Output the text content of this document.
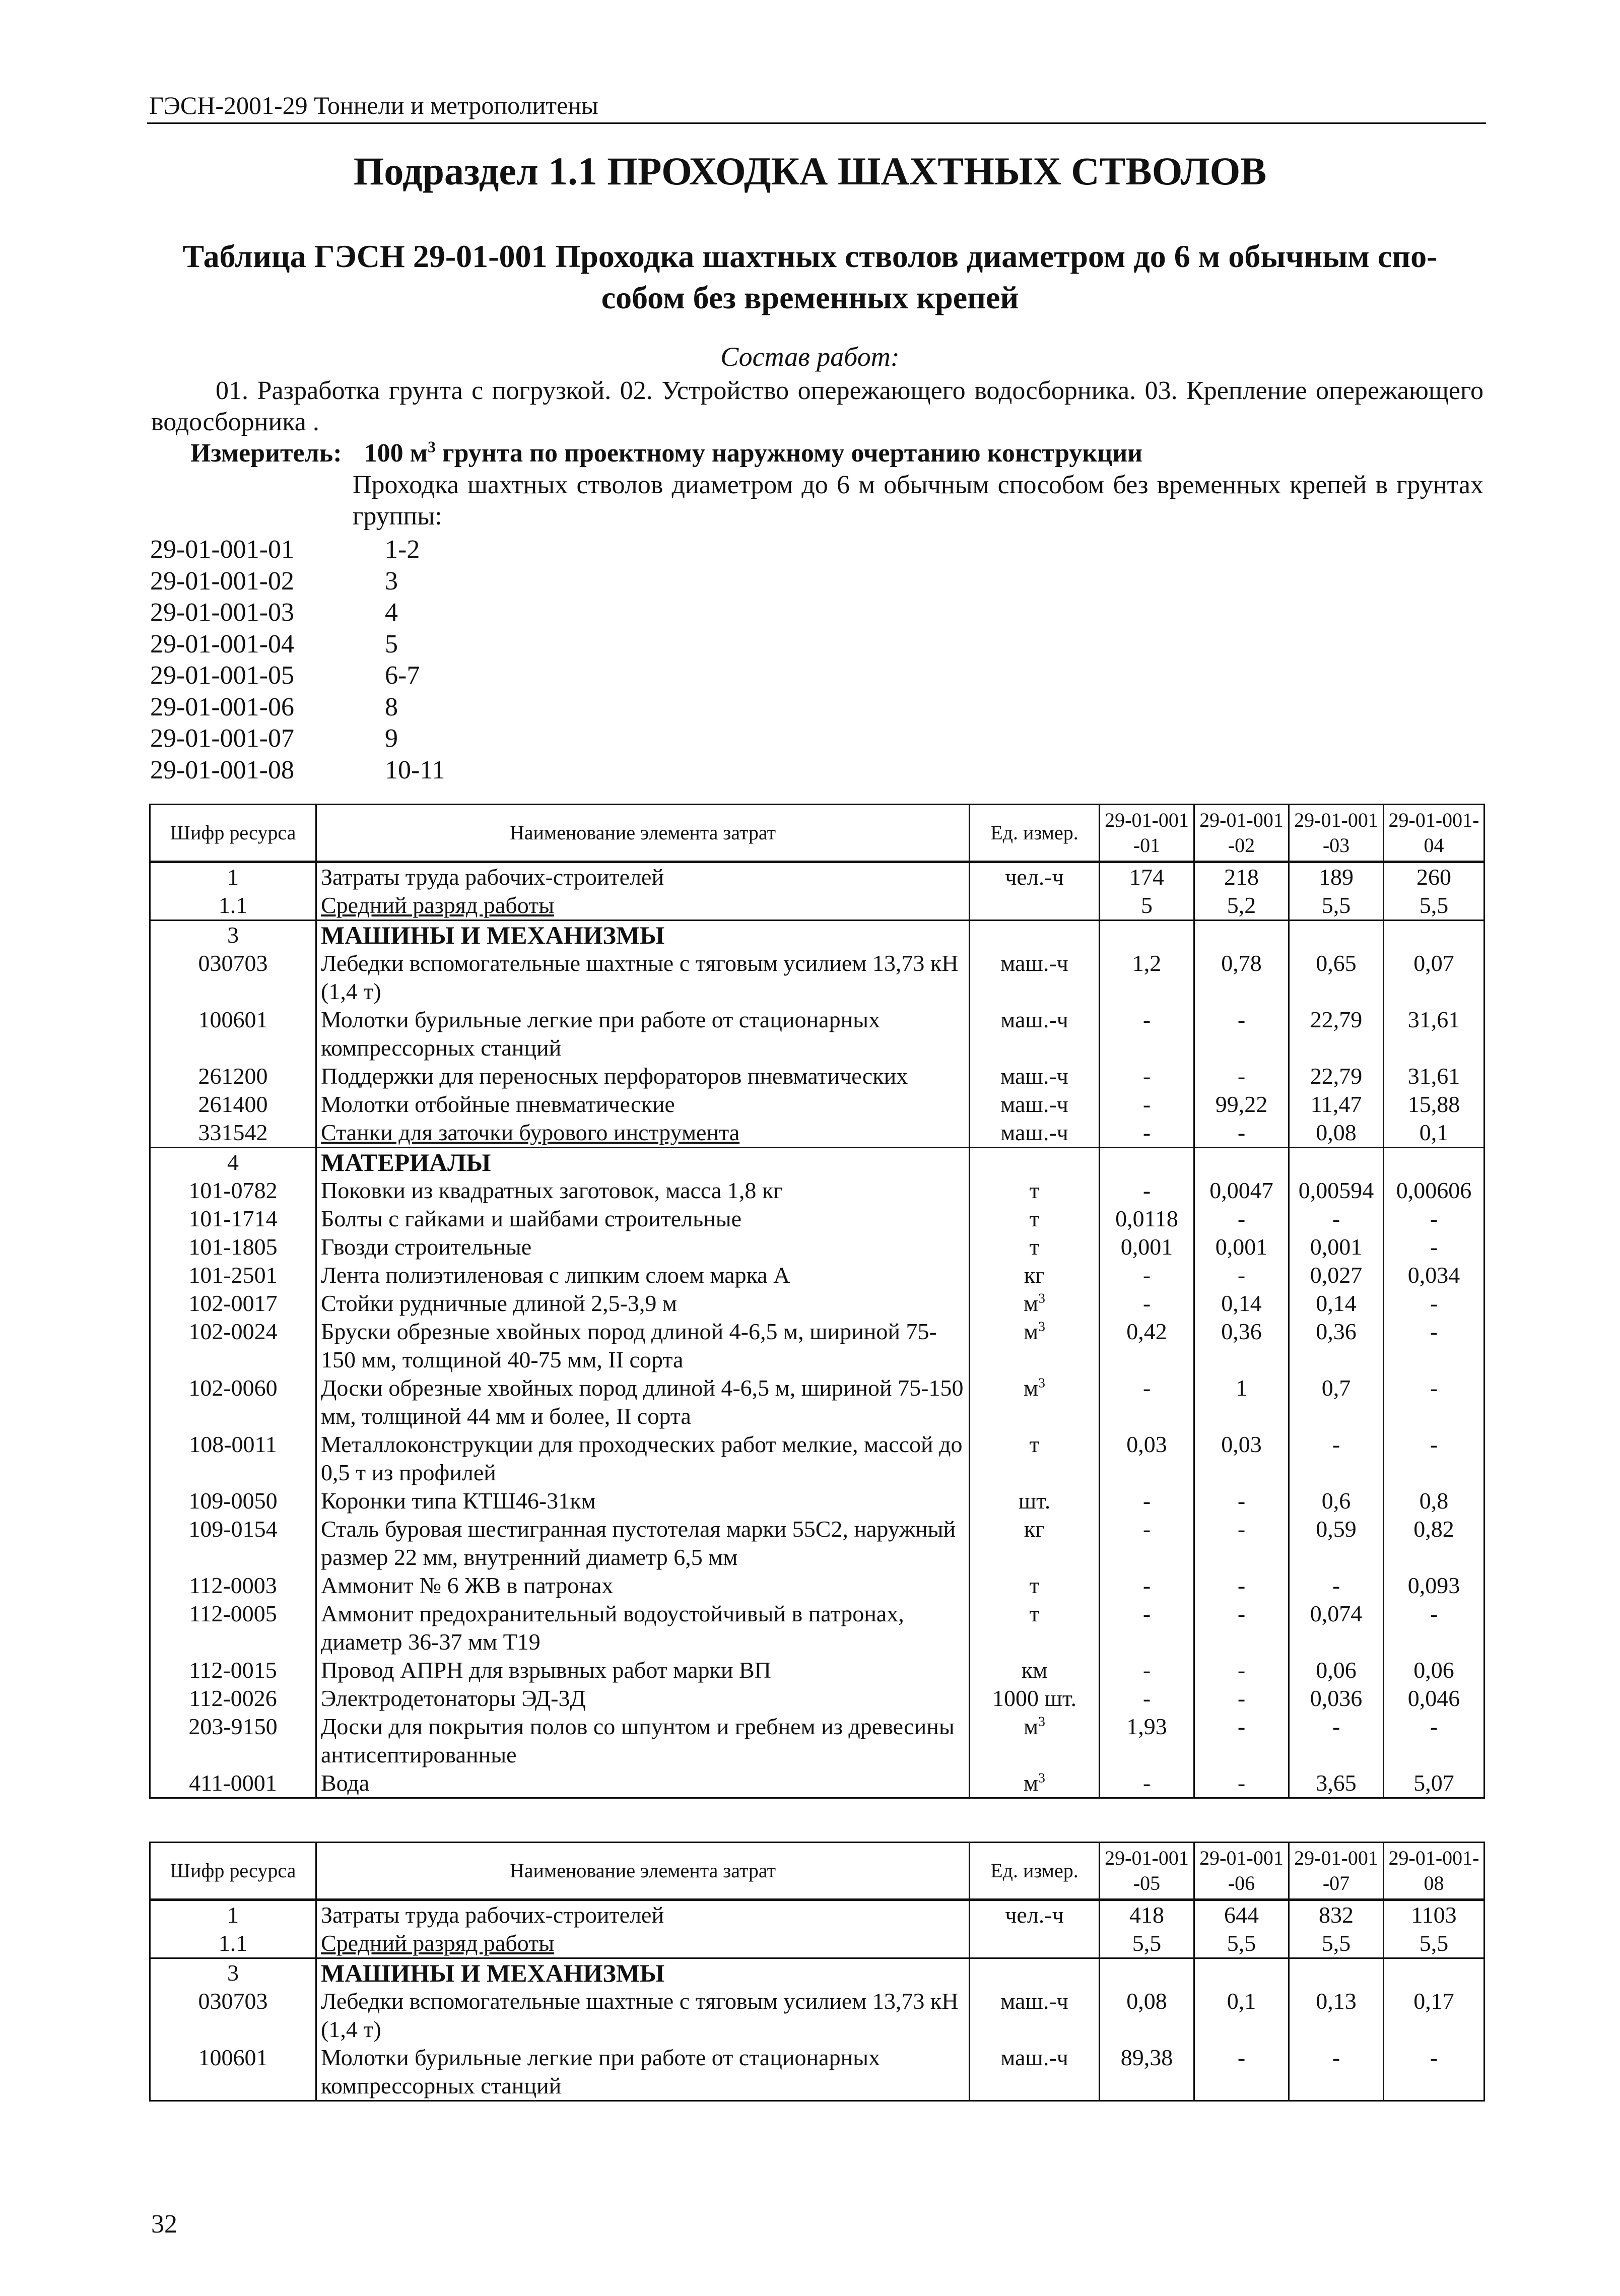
ГЭСН-2001-29 Тоннели и метрополитены
Подраздел 1.1 ПРОХОДКА ШАХТНЫХ СТВОЛОВ
Таблица ГЭСН 29-01-001 Проходка шахтных стволов диаметром до 6 м обычным спо-
собом без временных крепей
Состав работ:
01. Разработка грунта с погрузкой. 02. Устройство опережающего водосборника. 03. Крепление опережающего водосборника .
Измеритель: 100 $м^3$ грунта по проектному наружному очертанию конструкции
Проходка шахтных стволов диаметром до 6 м обычным способом без временных крепей в грунтах группы:
29-01-001-01	1-2
29-01-001-02	3
29-01-001-03	4
29-01-001-04	5
29-01-001-05	6-7
29-01-001-06	8
29-01-001-07	9
29-01-001-08	10-11
Шифр ресурса	Наименование элемента затрат	Ед. измер.	29-01-001-01	29-01-001-02	29-01-001-03	29-01-001-04
1	Затраты труда рабочих-строителей	чел.-ч	174	218	189	260
1.1	Средний разряд работы		5	5,2	5,5	5,5
3	МАШИНЫ И МЕХАНИЗМЫ					
030703	Лебедки вспомогательные шахтные с тяговым усилием 13,73 кН (1,4 т)	маш.-ч	1,2	0,78	0,65	0,07
100601	Молотки бурильные легкие при работе от стационарных компрессорных станций	маш.-ч	-	-	22,79	31,61
261200	Поддержки для переносных перфораторов пневматических	маш.-ч	-	-	22,79	31,61
261400	Молотки отбойные пневматические	маш.-ч	-	99,22	11,47	15,88
331542	Станки для заточки бурового инструмента	маш.-ч	-	-	0,08	0,1
4	МАТЕРИАЛЫ					
101-0782	Поковки из квадратных заготовок, масса 1,8 кг	т	-	0,0047	0,00594	0,00606
101-1714	Болты с гайками и шайбами строительные	т	0,0118	-	-	-
101-1805	Гвозди строительные	т	0,001	0,001	0,001	-
101-2501	Лента полиэтиленовая с липким слоем марка А	кг	-	-	0,027	0,034
102-0017	Стойки рудничные длиной 2,5-3,9 м	$м^3$	-	0,14	0,14	-
102-0024	Бруски обрезные хвойных пород длиной 4-6,5 м, шириной 75-150 мм, толщиной 40-75 мм, II сорта	$м^3$	0,42	0,36	0,36	-
102-0060	Доски обрезные хвойных пород длиной 4-6,5 м, шириной 75-150 мм, толщиной 44 мм и более, II сорта	$м^3$	-	1	0,7	-
108-0011	Металлоконструкции для проходческих работ мелкие, массой до 0,5 т из профилей	т	0,03	0,03	-	-
109-0050	Коронки типа КТШ46-31км	шт.	-	-	0,6	0,8
109-0154	Сталь буровая шестигранная пустотелая марки 55С2, наружный размер 22 мм, внутренний диаметр 6,5 мм	кг	-	-	0,59	0,82
112-0003	Аммонит № 6 ЖВ в патронах	т	-	-	-	0,093
112-0005	Аммонит предохранительный водоустойчивый в патронах, диаметр 36-37 мм Т19	т	-	-	0,074	-
112-0015	Провод АПРН для взрывных работ марки ВП	км	-	-	0,06	0,06
112-0026	Электродетонаторы ЭД-3Д	1000 шт.	-	-	0,036	0,046
203-9150	Доски для покрытия полов со шпунтом и гребнем из древесины антисептированные	$м^3$	1,93	-	-	-
411-0001	Вода	$м^3$	-	-	3,65	5,07
Шифр ресурса	Наименование элемента затрат	Ед. измер.	29-01-001-05	29-01-001-06	29-01-001-07	29-01-001-08
1	Затраты труда рабочих-строителей	чел.-ч	418	644	832	1103
1.1	Средний разряд работы		5,5	5,5	5,5	5,5
3	МАШИНЫ И МЕХАНИЗМЫ					
030703	Лебедки вспомогательные шахтные с тяговым усилием 13,73 кН (1,4 т)	маш.-ч	0,08	0,1	0,13	0,17
100601	Молотки бурильные легкие при работе от стационарных компрессорных станций	маш.-ч	89,38	-	-	-
32
